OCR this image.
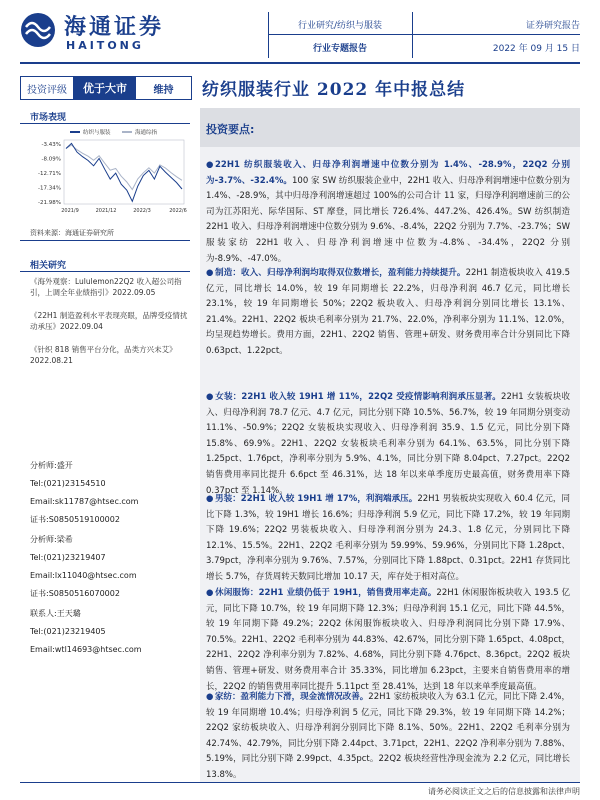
海通证券
HAITONG
行业研究/纺织与服装
行业专题报告
证券研究报告
2022 年 09 月 15 日
投资评级	优于大市	维持	纺织服装行业 2022 年中报总结
市场表现
-3.43%
-8.09%
-12.71%
-17.34%
-21.98%
2021/9	2021/12	2022/3	2022/6
纺织与服装	海通综指
资料来源：海通证券研究所
相关研究
《海外观察：Lululemon22Q2 收入超公司指引，上调全年业绩指引》2022.09.05
《22H1 制造盈利水平表现亮眼，品牌受疫情扰动承压》2022.09.04
《针织 818 销售平台分化，品类方兴未艾》2022.08.21
分析师:盛开
Tel:(021)23154510
Email:sk11787@htsec.com
证书:S0850519100002
分析师:梁希
Tel:(021)23219407
Email:lx11040@htsec.com
证书:S0850516070002
联系人:王天璐
Tel:(021)23219405
Email:wtl14693@htsec.com
投资要点:
● 22H1 纺织服装收入、归母净利润增速中位数分别为 1.4%、-28.9%，22Q2 分别为-3.7%、-32.4%。100 家 SW 纺织服装企业中，22H1 收入、归母净利润增速中位数分别为 1.4%、-28.9%，其中归母净利润增速超过 100%的公司合计 11 家，归母净利润增速前三的公司为江苏阳光、际华国际、ST 摩登，同比增长 726.4%、447.2%、426.4%。SW 纺织制造 22H1 收入、归母净利润增速中位数分别为 9.6%、-8.4%，22Q2 分别为 7.7%、-23.7%；SW 服装家纺 22H1 收入、归母净利润增速中位数为-4.8%、-34.4%，22Q2 分别为-8.9%、-47.0%。
● 制造：收入、归母净利润均取得双位数增长，盈利能力持续提升。22H1 制造板块收入 419.5 亿元，同比增长 14.0%，较 19 年同期增长 22.2%，归母净利润 46.7 亿元，同比增长 23.1%，较 19 年同期增长 50%；22Q2 板块收入、归母净利润分别同比增长 13.1%、21.4%。22H1、22Q2 板块毛利率分别为 21.7%、22.0%，净利率分别为 11.1%、12.0%，均呈现趋势增长。费用方面，22H1、22Q2 销售、管理+研发、财务费用率合计分别同比下降 0.63pct、1.22pct。
● 女装：22H1 收入较 19H1 增 11%，22Q2 受疫情影响利润承压显著。22H1 女装板块收入、归母净利润 78.7 亿元、4.7 亿元，同比分别下降 10.5%、56.7%，较 19 年同期分别变动 11.1%、-50.9%；22Q2 女装板块实现收入、归母净利润 35.9、1.5 亿元，同比分别下降 15.8%、69.9%。22H1、22Q2 女装板块毛利率分别为 64.1%、63.5%，同比分别下降 1.25pct、1.76pct，净利率分别为 5.9%、4.1%，同比分别下降 8.04pct、7.27pct。22Q2 销售费用率同比提升 6.6pct 至 46.31%，达 18 年以来单季度历史最高值，财务费用率下降 0.37pct 至 1.14%。
● 男装：22H1 收入较 19H1 增 17%，利润端承压。22H1 男装板块实现收入 60.4 亿元，同比下降 1.3%，较 19H1 增长 16.6%；归母净利润 5.9 亿元，同比下降 17.2%，较 19 年同期下降 19.6%；22Q2 男装板块收入、归母净利润分别为 24.3、1.8 亿元，分别同比下降 12.1%、15.5%。22H1、22Q2 毛利率分别为 59.99%、59.96%，分别同比下降 1.28pct、3.79pct，净利率分别为 9.76%、7.57%，分别同比下降 1.88pct、0.31pct。22H1 存货同比增长 5.7%，存货周转天数同比增加 10.17 天，库存处于相对高位。
● 休闲服饰：22H1 业绩仍低于 19H1，销售费用率走高。22H1 休闲服饰板块收入 193.5 亿元，同比下降 10.7%，较 19 年同期下降 12.3%；归母净利润 15.1 亿元，同比下降 44.5%，较 19 年同期下降 49.2%；22Q2 休闲服饰板块收入、归母净利润同比分别下降 17.9%、70.5%。22H1、22Q2 毛利率分别为 44.83%、42.67%，同比分别下降 1.65pct、4.08pct，22H1、22Q2 净利率分别为 7.82%、4.68%，同比分别下降 4.76pct、8.36pct。22Q2 板块销售、管理+研发、财务费用率合计 35.33%，同比增加 6.23pct，主要来自销售费用率的增长，22Q2 的销售费用率同比提升 5.11pct 至 28.41%，达到 18 年以来单季度最高值。
● 家纺：盈利能力下滑，现金流情况改善。22H1 家纺板块收入为 63.1 亿元，同比下降 2.4%，较 19 年同期增 10.4%；归母净利润 5 亿元，同比下降 29.3%，较 19 年同期下降 14.2%；22Q2 家纺板块收入、归母净利润分别同比下降 8.1%、50%。22H1、22Q2 毛利率分别为 42.74%、42.79%，同比分别下降 2.44pct、3.71pct，22H1、22Q2 净利率分别为 7.88%、5.19%，同比分别下降 2.99pct、4.35pct。22Q2 板块经营性净现金流为 2.2 亿元，同比增长 13.8%。
请务必阅读正文之后的信息披露和法律声明
